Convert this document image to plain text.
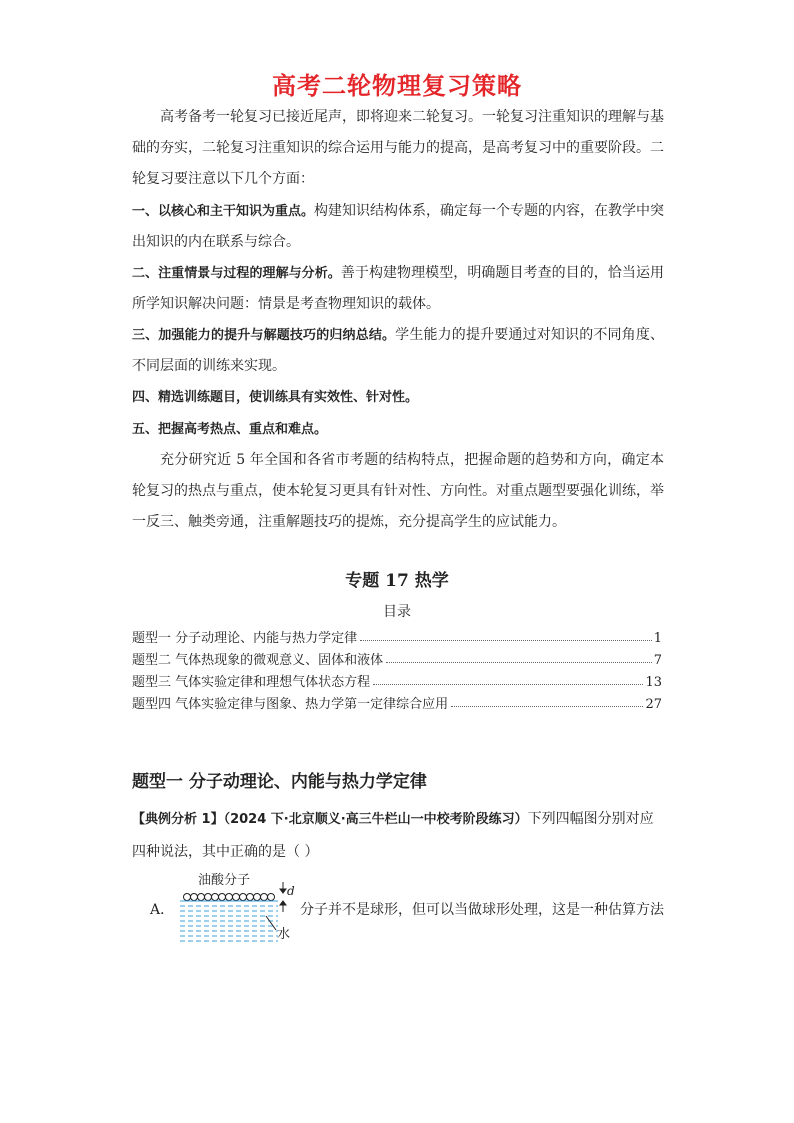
高考二轮物理复习策略
高考备考一轮复习已接近尾声，即将迎来二轮复习。一轮复习注重知识的理解与基础的夯实，二轮复习注重知识的综合运用与能力的提高，是高考复习中的重要阶段。二轮复习要注意以下几个方面：
一、以核心和主干知识为重点。构建知识结构体系，确定每一个专题的内容，在教学中突出知识的内在联系与综合。
二、注重情景与过程的理解与分析。善于构建物理模型，明确题目考查的目的，恰当运用所学知识解决问题：情景是考查物理知识的载体。
三、加强能力的提升与解题技巧的归纳总结。学生能力的提升要通过对知识的不同角度、不同层面的训练来实现。
四、精选训练题目，使训练具有实效性、针对性。
五、把握高考热点、重点和难点。
充分研究近 5 年全国和各省市考题的结构特点，把握命题的趋势和方向，确定本轮复习的热点与重点，使本轮复习更具有针对性、方向性。对重点题型要强化训练，举一反三、触类旁通，注重解题技巧的提炼，充分提高学生的应试能力。
专题 17 热学
目录
题型一 分子动理论、内能与热力学定律	1
题型二 气体热现象的微观意义、固体和液体	7
题型三 气体实验定律和理想气体状态方程	13
题型四 气体实验定律与图象、热力学第一定律综合应用	27
题型一 分子动理论、内能与热力学定律
【典例分析 1】（2024 下·北京顺义·高三牛栏山一中校考阶段练习）下列四幅图分别对应四种说法，其中正确的是（ ）
A．
油酸分子
d
水
分子并不是球形，但可以当做球形处理，这是一种估算方法
